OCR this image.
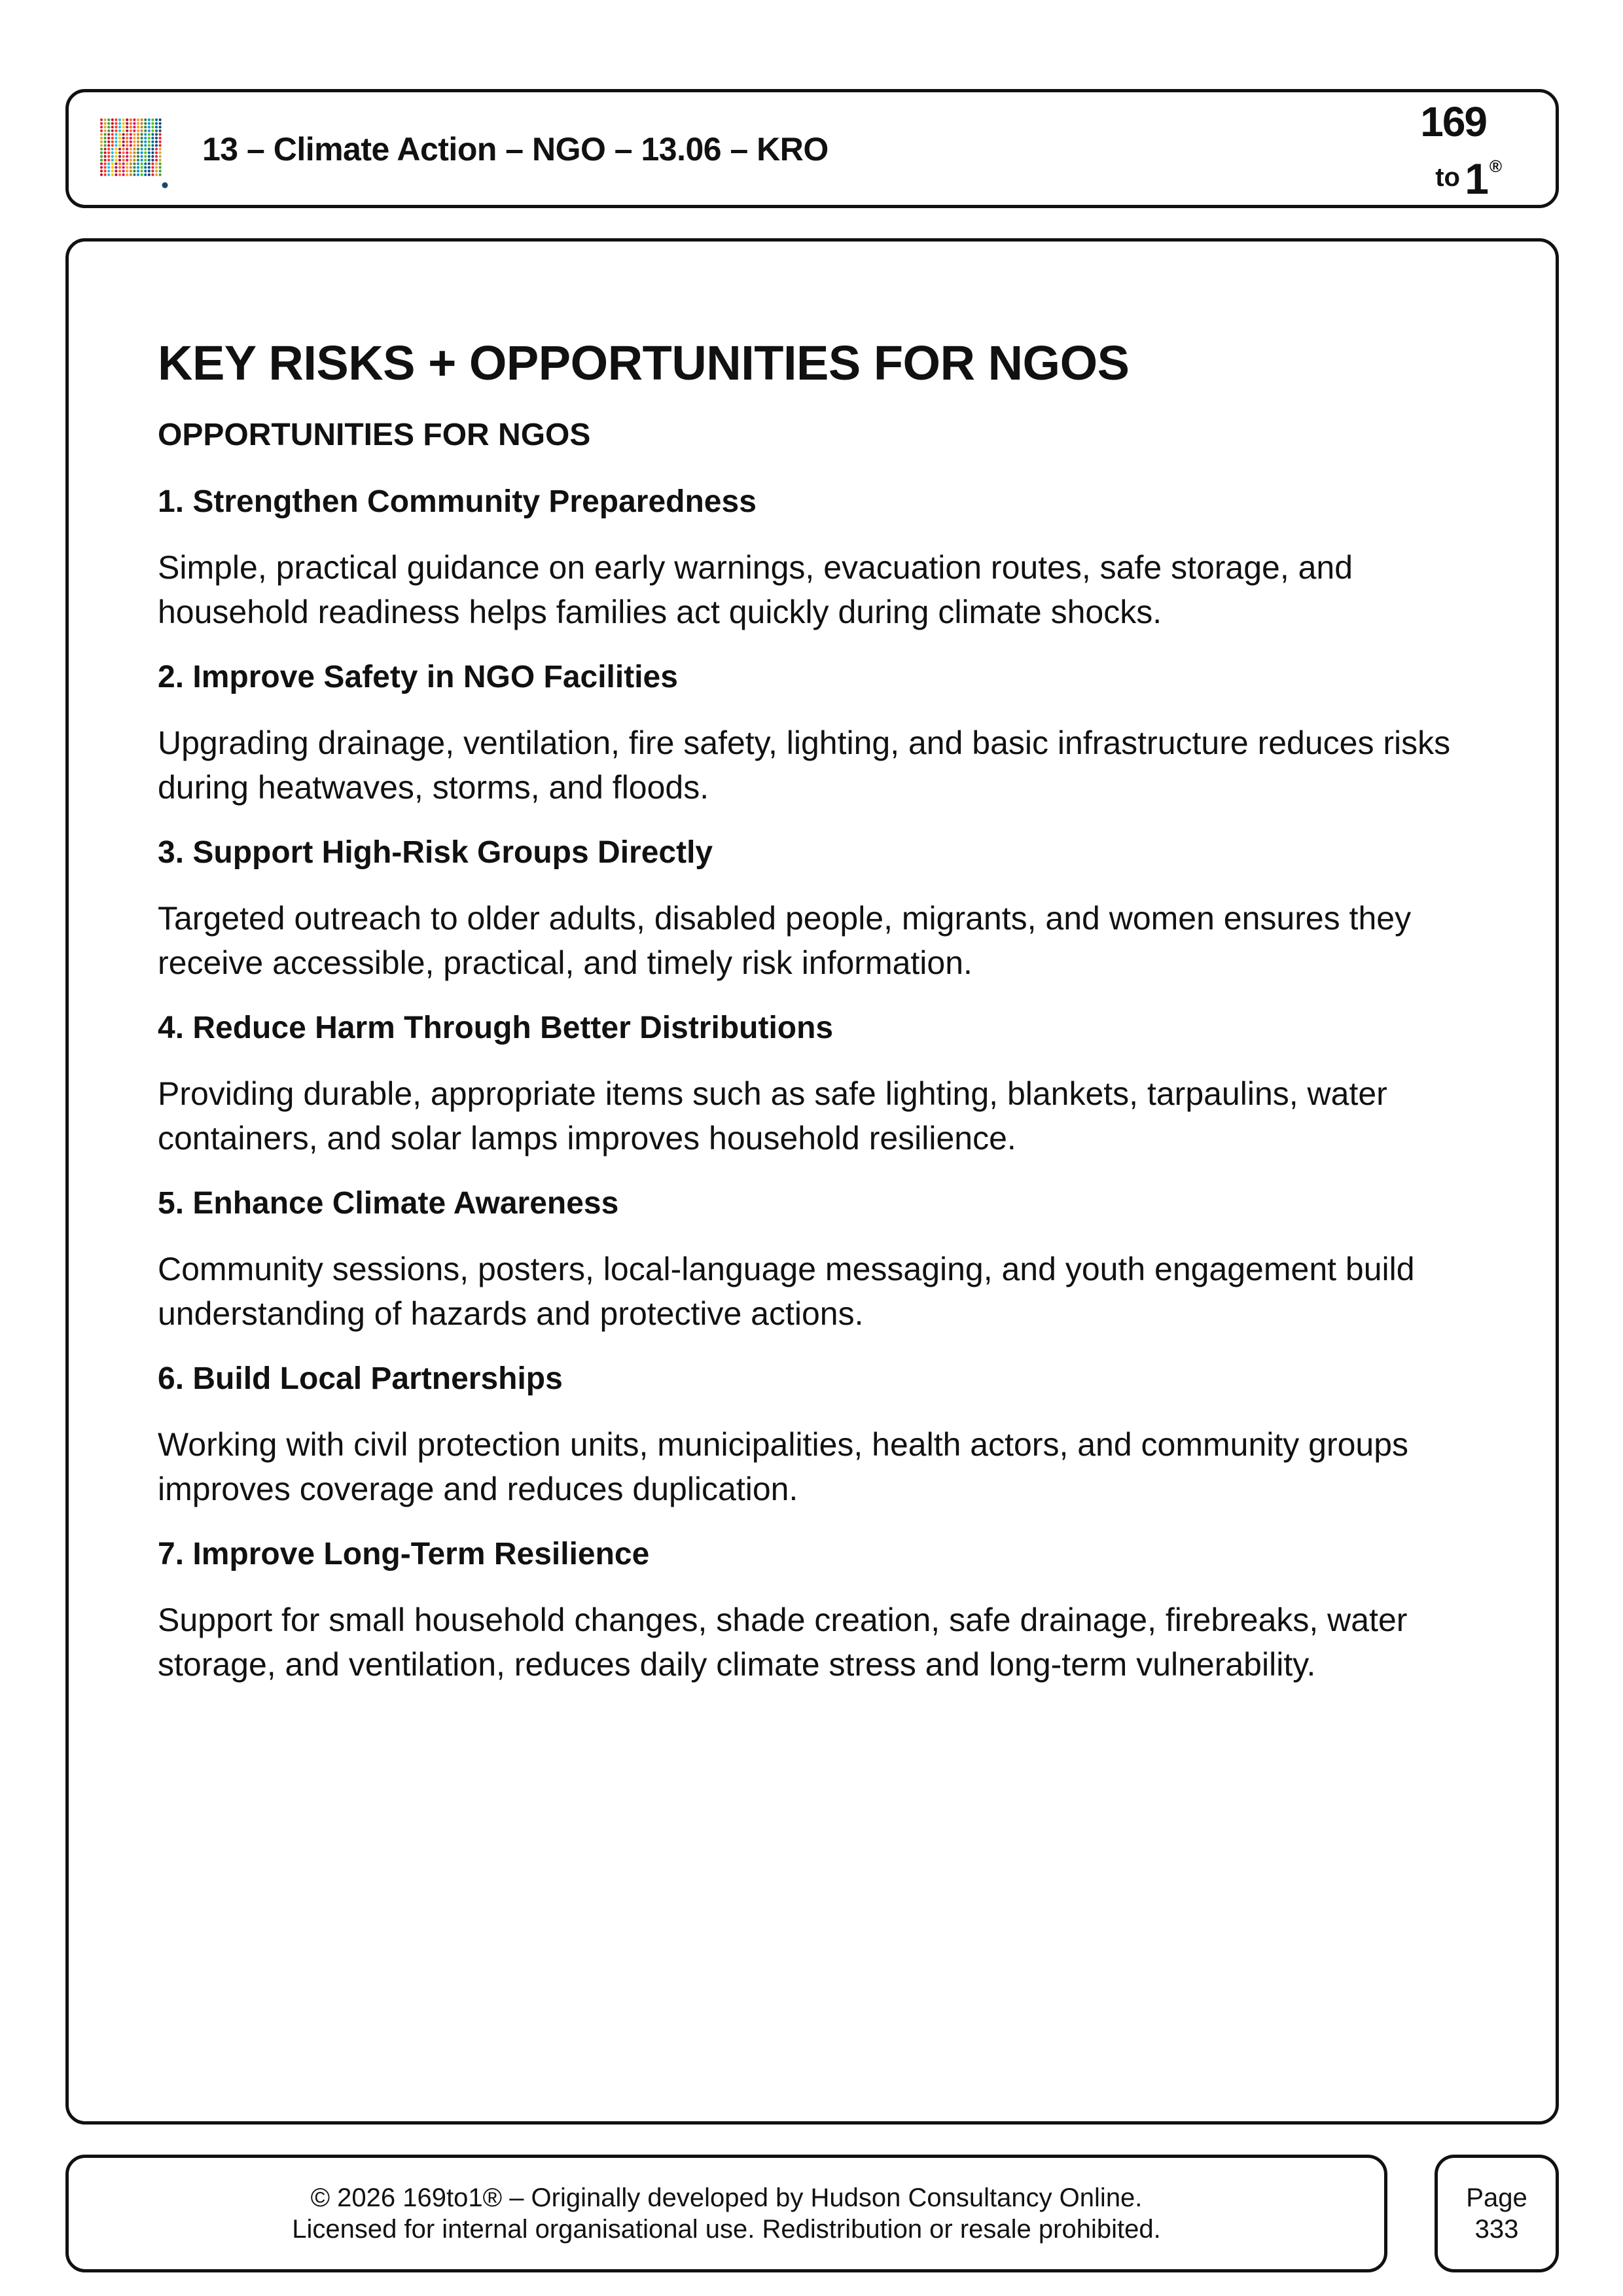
13 – Climate Action – NGO – 13.06 – KRO
169
to 1 ®
KEY RISKS + OPPORTUNITIES FOR NGOS
OPPORTUNITIES FOR NGOS
1. Strengthen Community Preparedness
Simple, practical guidance on early warnings, evacuation routes, safe storage, and household readiness helps families act quickly during climate shocks.
2. Improve Safety in NGO Facilities
Upgrading drainage, ventilation, fire safety, lighting, and basic infrastructure reduces risks during heatwaves, storms, and floods.
3. Support High-Risk Groups Directly
Targeted outreach to older adults, disabled people, migrants, and women ensures they receive accessible, practical, and timely risk information.
4. Reduce Harm Through Better Distributions
Providing durable, appropriate items such as safe lighting, blankets, tarpaulins, water containers, and solar lamps improves household resilience.
5. Enhance Climate Awareness
Community sessions, posters, local-language messaging, and youth engagement build understanding of hazards and protective actions.
6. Build Local Partnerships
Working with civil protection units, municipalities, health actors, and community groups improves coverage and reduces duplication.
7. Improve Long-Term Resilience
Support for small household changes, shade creation, safe drainage, firebreaks, water storage, and ventilation, reduces daily climate stress and long-term vulnerability.
© 2026 169to1® – Originally developed by Hudson Consultancy Online.
Licensed for internal organisational use. Redistribution or resale prohibited.
Page
333
